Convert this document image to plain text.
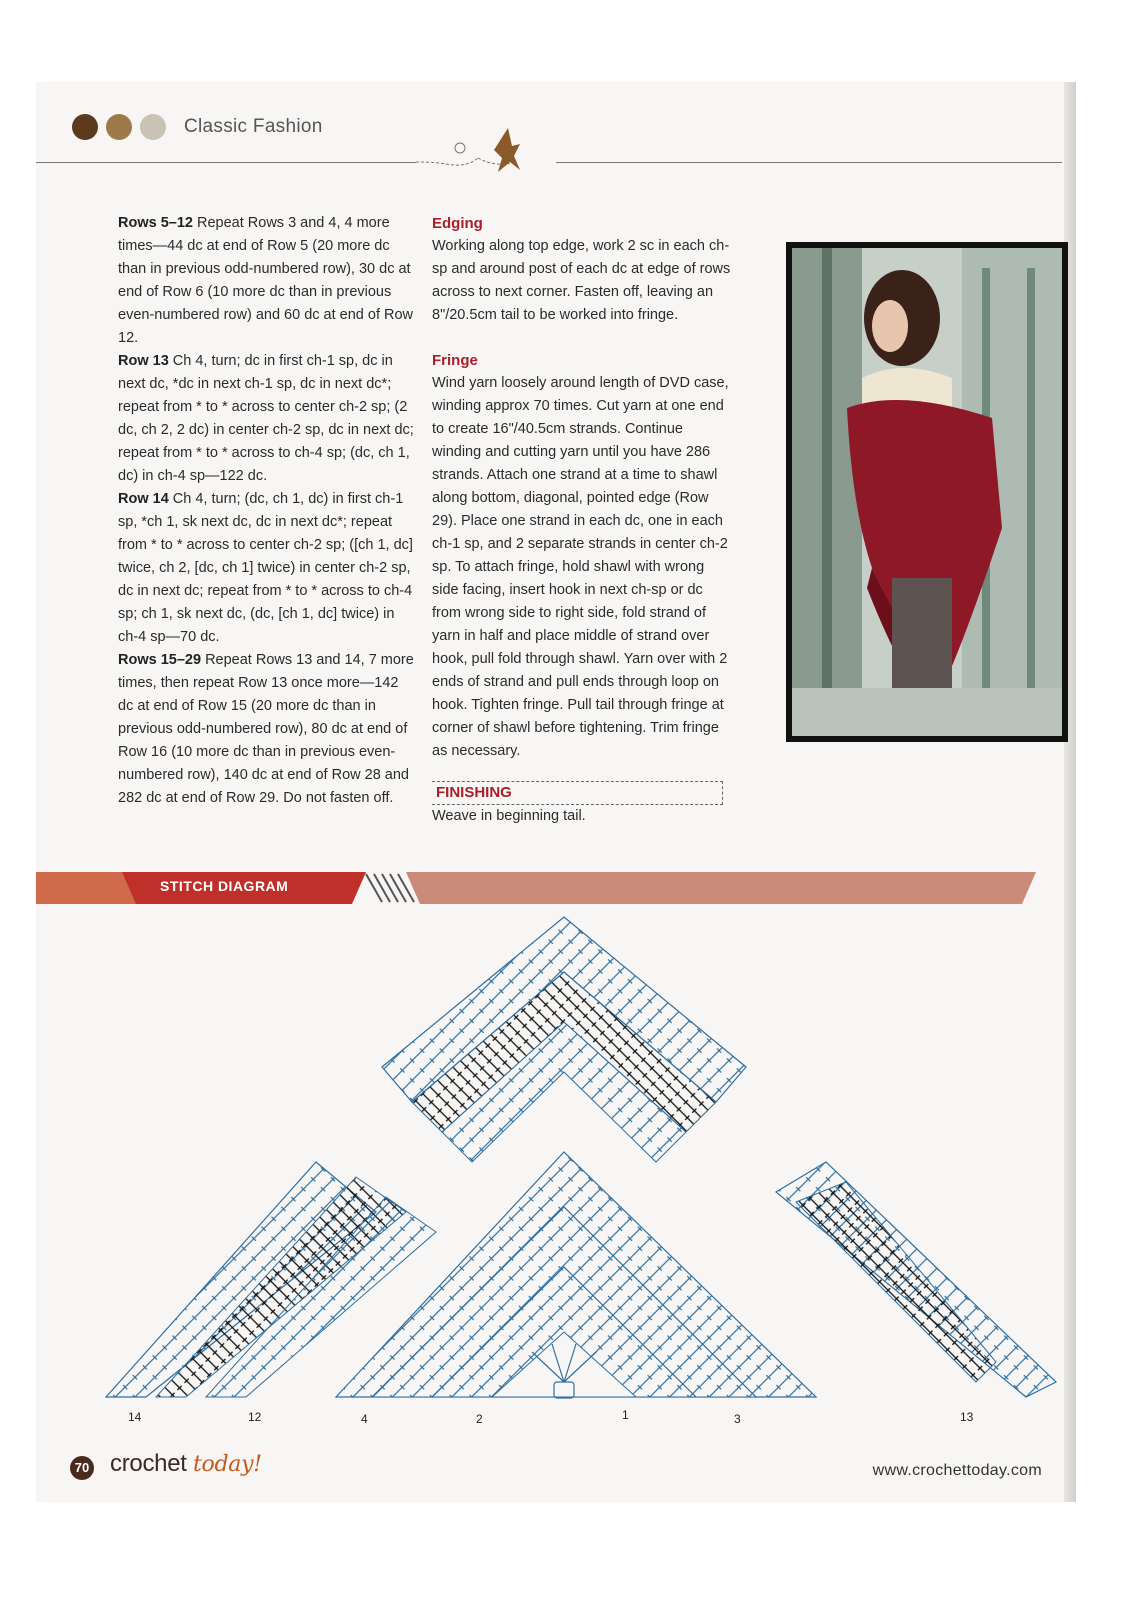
Classic Fashion

Rows 5–12 Repeat Rows 3 and 4, 4 more times—44 dc at end of Row 5 (20 more dc than in previous odd-numbered row), 30 dc at end of Row 6 (10 more dc than in previous even-numbered row) and 60 dc at end of Row 12.

Row 13 Ch 4, turn; dc in first ch-1 sp, dc in next dc, *dc in next ch-1 sp, dc in next dc*; repeat from * to * across to center ch-2 sp; (2 dc, ch 2, 2 dc) in center ch-2 sp, dc in next dc; repeat from * to * across to ch-4 sp; (dc, ch 1, dc) in ch-4 sp—122 dc.

Row 14 Ch 4, turn; (dc, ch 1, dc) in first ch-1 sp, *ch 1, sk next dc, dc in next dc*; repeat from * to * across to center ch-2 sp; ([ch 1, dc] twice, ch 2, [dc, ch 1] twice) in center ch-2 sp, dc in next dc; repeat from * to * across to ch-4 sp; ch 1, sk next dc, (dc, [ch 1, dc] twice) in ch-4 sp—70 dc.

Rows 15–29 Repeat Rows 13 and 14, 7 more times, then repeat Row 13 once more—142 dc at end of Row 15 (20 more dc than in previous odd-numbered row), 80 dc at end of Row 16 (10 more dc than in previous even-numbered row), 140 dc at end of Row 28 and 282 dc at end of Row 29. Do not fasten off.

Edging

Working along top edge, work 2 sc in each ch-sp and around post of each dc at edge of rows across to next corner. Fasten off, leaving an 8"/20.5cm tail to be worked into fringe.

Fringe

Wind yarn loosely around length of DVD case, winding approx 70 times. Cut yarn at one end to create 16"/40.5cm strands. Continue winding and cutting yarn until you have 286 strands. Attach one strand at a time to shawl along bottom, diagonal, pointed edge (Row 29). Place one strand in each dc, one in each ch-1 sp, and 2 separate strands in center ch-2 sp. To attach fringe, hold shawl with wrong side facing, insert hook in next ch-sp or dc from wrong side to right side, fold strand of yarn in half and place middle of strand over hook, pull fold through shawl. Yarn over with 2 ends of strand and pull ends through loop on hook. Tighten fringe. Pull tail through fringe at corner of shawl before tightening. Trim fringe as necessary.

FINISHING

Weave in beginning tail.

STITCH DIAGRAM
14	12	4	2	1	3	13
70 crochet today!	www.crochettoday.com
